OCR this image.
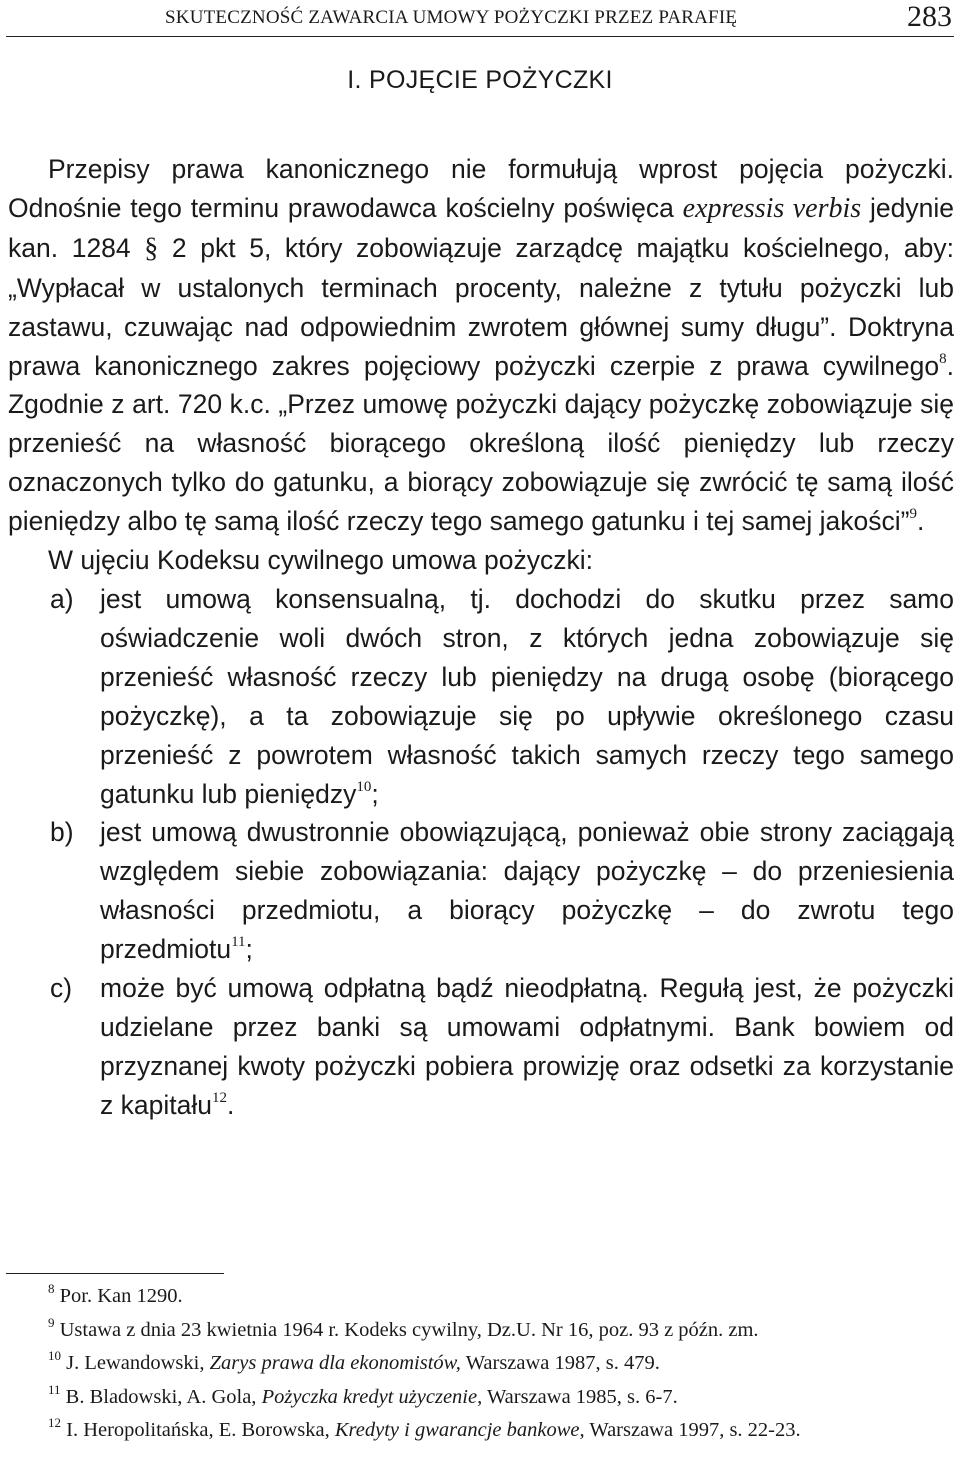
SKUTECZNOŚĆ ZAWARCIA UMOWY POŻYCZKI PRZEZ PARAFIĘ	283
I. POJĘCIE POŻYCZKI

Przepisy prawa kanonicznego nie formułują wprost pojęcia pożyczki. Odnośnie tego terminu prawodawca kościelny poświęca expressis verbis jedynie kan. 1284 § 2 pkt 5, który zobowiązuje zarządcę majątku kościelnego, aby: „Wypłacał w ustalonych terminach procenty, należne z tytułu pożyczki lub zastawu, czuwając nad odpowiednim zwrotem głównej sumy długu”. Doktryna prawa kanonicznego zakres pojęciowy pożyczki czerpie z prawa cywilnego$^8$. Zgodnie z art. 720 k.c. „Przez umowę pożyczki dający pożyczkę zobowiązuje się przenieść na własność biorącego określoną ilość pieniędzy lub rzeczy oznaczonych tylko do gatunku, a biorący zobowiązuje się zwrócić tę samą ilość pieniędzy albo tę samą ilość rzeczy tego samego gatunku i tej samej jakości”$^9$.

W ujęciu Kodeksu cywilnego umowa pożyczki:

a) jest umową konsensualną, tj. dochodzi do skutku przez samo oświadczenie woli dwóch stron, z których jedna zobowiązuje się przenieść własność rzeczy lub pieniędzy na drugą osobę (biorącego pożyczkę), a ta zobowiązuje się po upływie określonego czasu przenieść z powrotem własność takich samych rzeczy tego samego gatunku lub pieniędzy$^{10}$;
b) jest umową dwustronnie obowiązującą, ponieważ obie strony zaciągają względem siebie zobowiązania: dający pożyczkę – do przeniesienia własności przedmiotu, a biorący pożyczkę – do zwrotu tego przedmiotu$^{11}$;
c) może być umową odpłatną bądź nieodpłatną. Regułą jest, że pożyczki udzielane przez banki są umowami odpłatnymi. Bank bowiem od przyznanej kwoty pożyczki pobiera prowizję oraz odsetki za korzystanie z kapitału$^{12}$.

$^8$ Por. Kan 1290.

$^9$ Ustawa z dnia 23 kwietnia 1964 r. Kodeks cywilny, Dz.U. Nr 16, poz. 93 z późn. zm.

$^{10}$ J. Lewandowski, Zarys prawa dla ekonomistów, Warszawa 1987, s. 479.

$^{11}$ B. Bladowski, A. Gola, Pożyczka kredyt użyczenie, Warszawa 1985, s. 6-7.

$^{12}$ I. Heropolitańska, E. Borowska, Kredyty i gwarancje bankowe, Warszawa 1997, s. 22-23.
